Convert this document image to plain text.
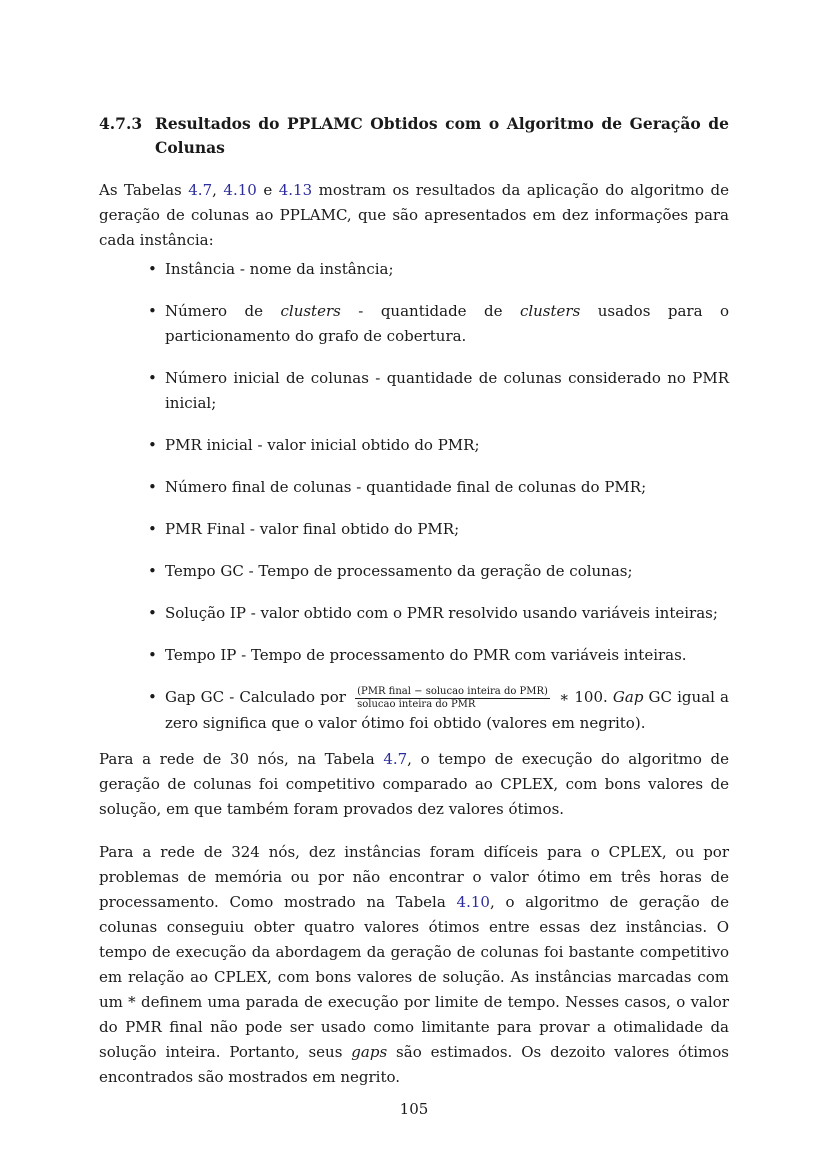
4.7.3 Resultados do PPLAMC Obtidos com o Algoritmo de Geração de Colunas

As Tabelas 4.7, 4.10 e 4.13 mostram os resultados da aplicação do algoritmo de geração de colunas ao PPLAMC, que são apresentados em dez informações para cada instância:

• Instância - nome da instância;
• Número de clusters - quantidade de clusters usados para o particionamento do grafo de cobertura.
• Número inicial de colunas - quantidade de colunas considerado no PMR inicial;
• PMR inicial - valor inicial obtido do PMR;
• Número final de colunas - quantidade final de colunas do PMR;
• PMR Final - valor final obtido do PMR;
• Tempo GC - Tempo de processamento da geração de colunas;
• Solução IP - valor obtido com o PMR resolvido usando variáveis inteiras;
• Tempo IP - Tempo de processamento do PMR com variáveis inteiras.
• Gap GC - Calculado por $\frac{\text{(PMR final − solucao inteira do PMR)}}{\text{solucao inteira do PMR}}$ ∗ 100. Gap GC igual a zero significa que o valor ótimo foi obtido (valores em negrito).

Para a rede de 30 nós, na Tabela 4.7, o tempo de execução do algoritmo de geração de colunas foi competitivo comparado ao CPLEX, com bons valores de solução, em que também foram provados dez valores ótimos.

Para a rede de 324 nós, dez instâncias foram difíceis para o CPLEX, ou por problemas de memória ou por não encontrar o valor ótimo em três horas de processamento. Como mostrado na Tabela 4.10, o algoritmo de geração de colunas conseguiu obter quatro valores ótimos entre essas dez instâncias. O tempo de execução da abordagem da geração de colunas foi bastante competitivo em relação ao CPLEX, com bons valores de solução. As instâncias marcadas com um * definem uma parada de execução por limite de tempo. Nesses casos, o valor do PMR final não pode ser usado como limitante para provar a otimalidade da solução inteira. Portanto, seus gaps são estimados. Os dezoito valores ótimos encontrados são mostrados em negrito.

105
